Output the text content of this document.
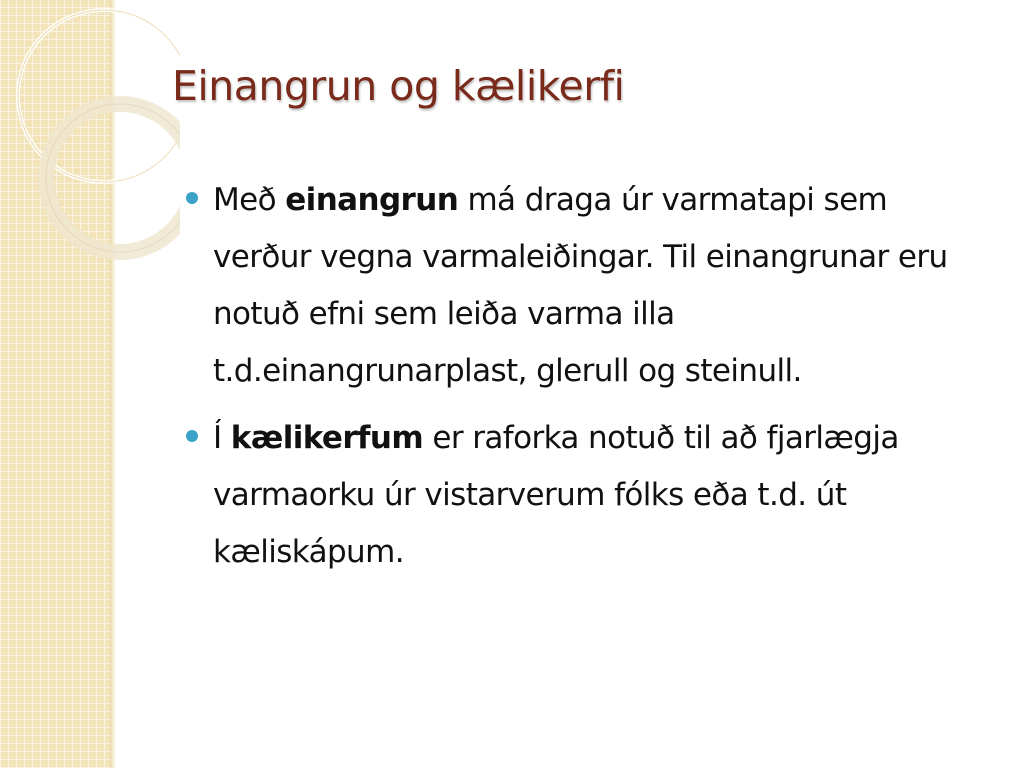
Einangrun og kælikerfi
Með einangrun má draga úr varmatapi sem verður vegna varmaleiðingar. Til einangrunar eru notuð efni sem leiða varma illa t.d.einangrunarplast, glerull og steinull.
Í kælikerfum er raforka notuð til að fjarlægja varmaorku úr vistarverum fólks eða t.d. út kæliskápum.
